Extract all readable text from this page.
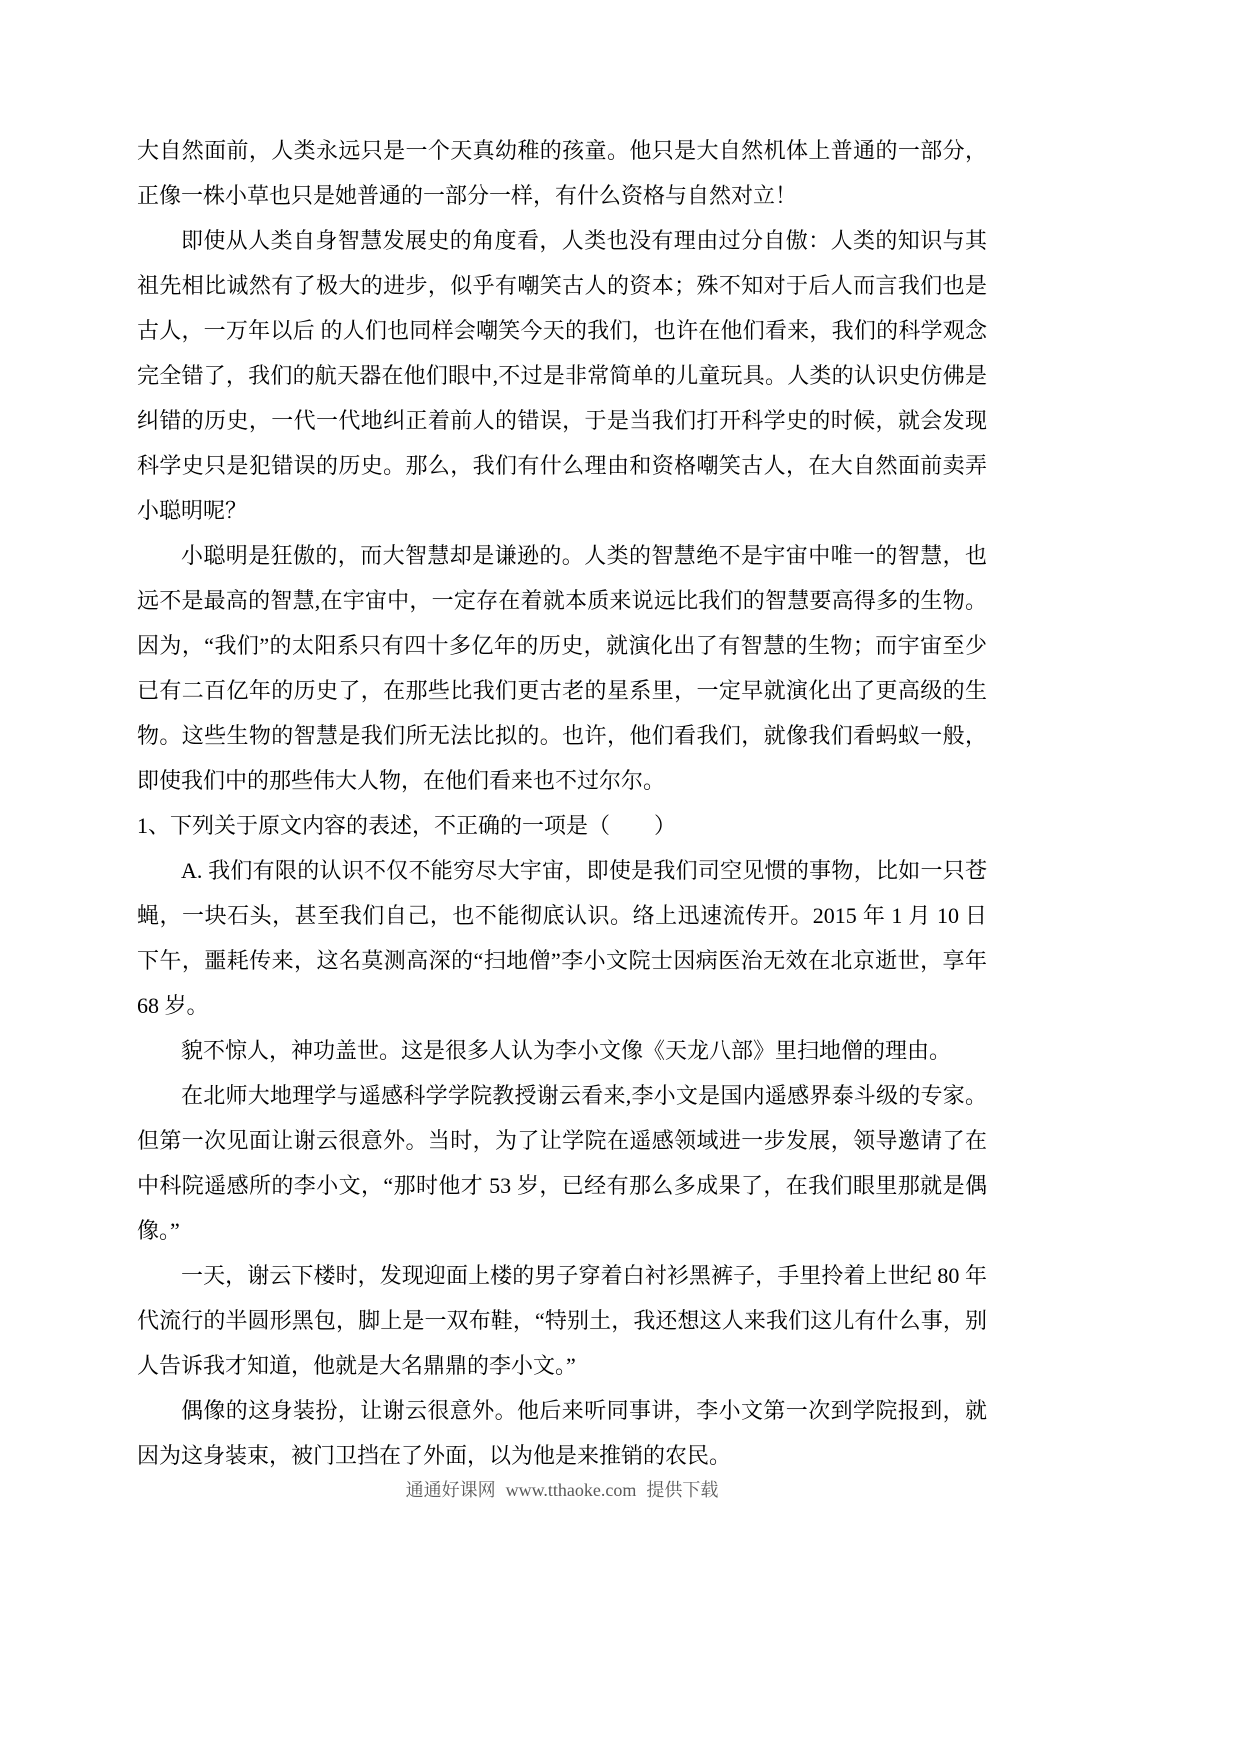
大自然面前，人类永远只是一个天真幼稚的孩童。他只是大自然机体上普通的一部分，正像一株小草也只是她普通的一部分一样，有什么资格与自然对立！

即使从人类自身智慧发展史的角度看，人类也没有理由过分自傲：人类的知识与其祖先相比诚然有了极大的进步，似乎有嘲笑古人的资本；殊不知对于后人而言我们也是古人，一万年以后 的人们也同样会嘲笑今天的我们，也许在他们看来，我们的科学观念完全错了，我们的航天器在他们眼中,不过是非常简单的儿童玩具。人类的认识史仿佛是纠错的历史，一代一代地纠正着前人的错误，于是当我们打开科学史的时候，就会发现科学史只是犯错误的历史。那么，我们有什么理由和资格嘲笑古人，在大自然面前卖弄小聪明呢？

小聪明是狂傲的，而大智慧却是谦逊的。人类的智慧绝不是宇宙中唯一的智慧，也远不是最高的智慧,在宇宙中，一定存在着就本质来说远比我们的智慧要高得多的生物。因为，“我们”的太阳系只有四十多亿年的历史，就演化出了有智慧的生物；而宇宙至少已有二百亿年的历史了，在那些比我们更古老的星系里，一定早就演化出了更高级的生物。这些生物的智慧是我们所无法比拟的。也许，他们看我们，就像我们看蚂蚁一般，即使我们中的那些伟大人物，在他们看来也不过尔尔。

1、下列关于原文内容的表述，不正确的一项是（　　）

A. 我们有限的认识不仅不能穷尽大宇宙，即使是我们司空见惯的事物，比如一只苍蝇，一块石头，甚至我们自己，也不能彻底认识。络上迅速流传开。2015 年 1 月 10 日下午，噩耗传来，这名莫测高深的“扫地僧”李小文院士因病医治无效在北京逝世，享年 68 岁。

貌不惊人，神功盖世。这是很多人认为李小文像《天龙八部》里扫地僧的理由。

在北师大地理学与遥感科学学院教授谢云看来,李小文是国内遥感界泰斗级的专家。但第一次见面让谢云很意外。当时，为了让学院在遥感领域进一步发展，领导邀请了在中科院遥感所的李小文，“那时他才 53 岁，已经有那么多成果了，在我们眼里那就是偶像。”

一天，谢云下楼时，发现迎面上楼的男子穿着白衬衫黑裤子，手里拎着上世纪 80 年代流行的半圆形黑包，脚上是一双布鞋，“特别土，我还想这人来我们这儿有什么事，别人告诉我才知道，他就是大名鼎鼎的李小文。”

偶像的这身装扮，让谢云很意外。他后来听同事讲，李小文第一次到学院报到，就因为这身装束，被门卫挡在了外面，以为他是来推销的农民。

通通好课网 www.tthaoke.com 提供下载
